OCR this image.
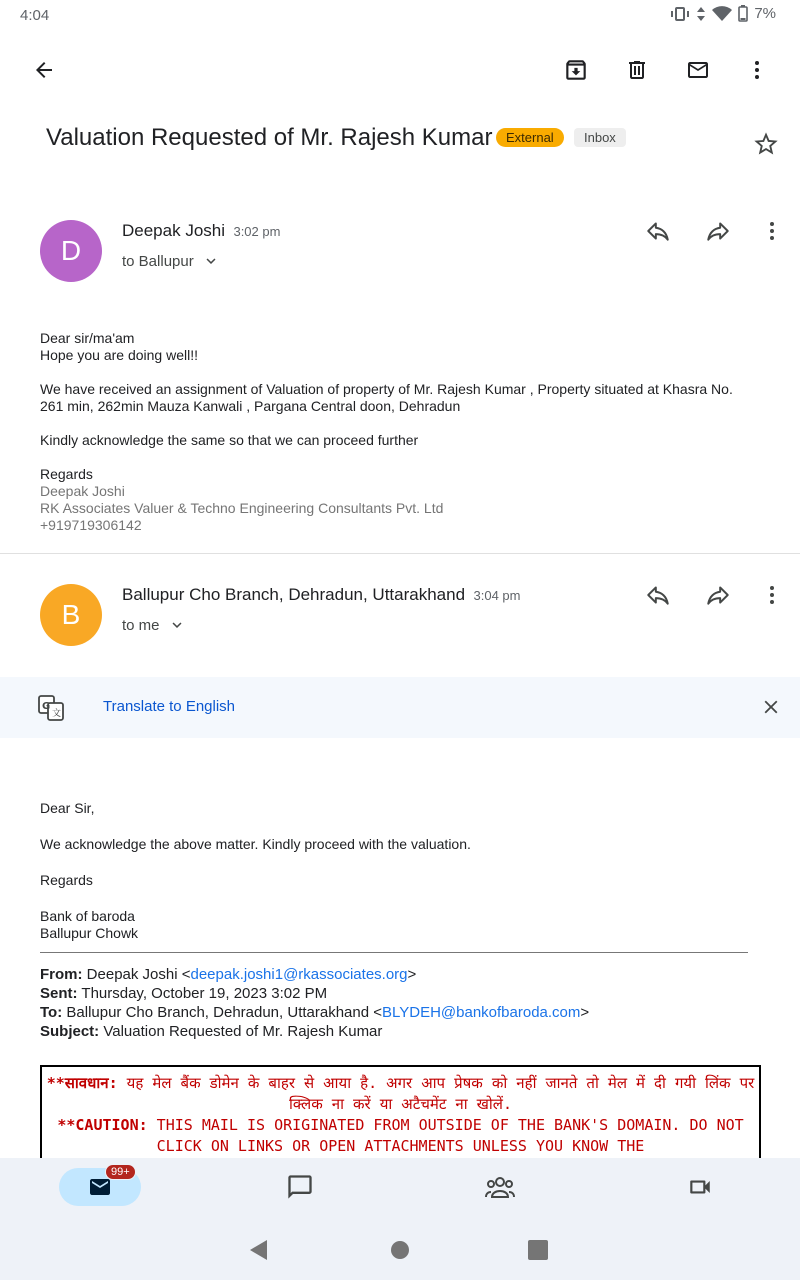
4:04	7%
Valuation Requested of Mr. Rajesh Kumar	External	Inbox
D
Deepak Joshi 3:02 pm
to Ballupur

Dear sir/ma'am

Hope you are doing well!!

We have received an assignment of Valuation of property of Mr. Rajesh Kumar , Property situated at Khasra No. 261 min, 262min Mauza Kanwali , Pargana Central doon, Dehradun

Kindly acknowledge the same so that we can proceed further

Regards

Deepak Joshi

RK Associates Valuer & Techno Engineering Consultants Pvt. Ltd

+919719306142

B
Ballupur Cho Branch, Dehradun, Uttarakhand 3:04 pm
to me
G
文	Translate to English

Dear Sir,

We acknowledge the above matter. Kindly proceed with the valuation.

Regards

Bank of baroda

Ballupur Chowk

From: Deepak Joshi <deepak.joshi1@rkassociates.org>
Sent: Thursday, October 19, 2023 3:02 PM
To: Ballupur Cho Branch, Dehradun, Uttarakhand <BLYDEH@bankofbaroda.com>
Subject: Valuation Requested of Mr. Rajesh Kumar
**सावधान: यह मेल बैंक डोमेन के बाहर से आया है. अगर आप प्रेषक को नहीं जानते तो मेल में दी गयी लिंक पर क्लिक ना करें या अटैचमेंट ना खोलें.
**CAUTION: THIS MAIL IS ORIGINATED FROM OUTSIDE OF THE BANK'S DOMAIN. DO NOT CLICK ON LINKS OR OPEN ATTACHMENTS UNLESS YOU KNOW THE
99+
